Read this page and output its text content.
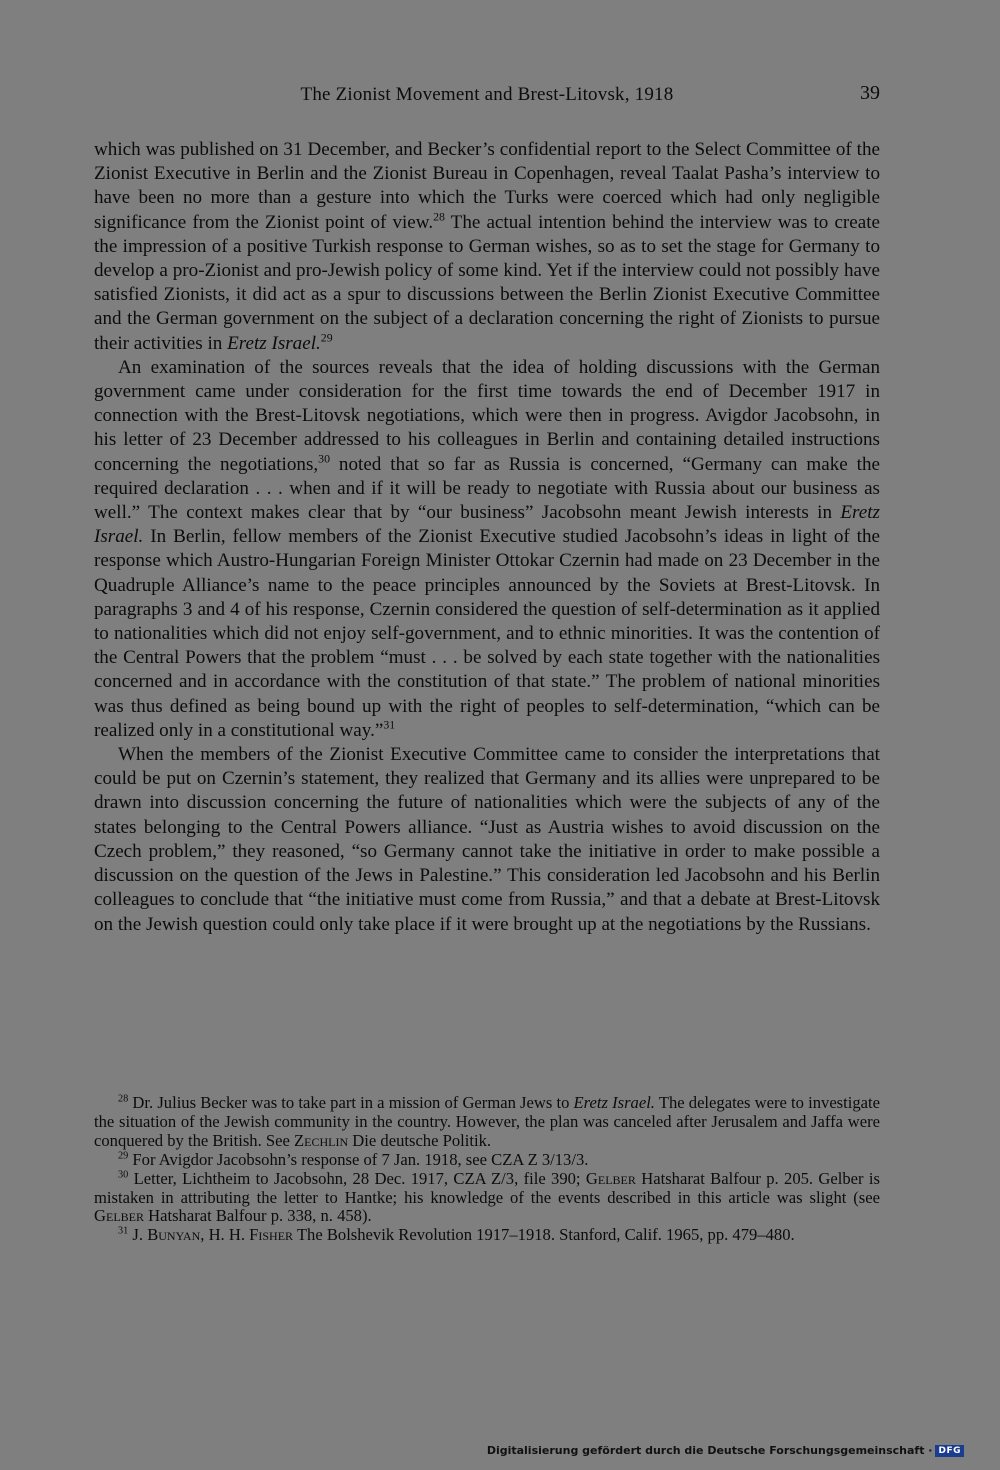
The Zionist Movement and Brest-Litovsk, 1918	39

which was published on 31 December, and Becker’s confidential report to the Select Committee of the Zionist Executive in Berlin and the Zionist Bureau in Copenhagen, reveal Taalat Pasha’s interview to have been no more than a gesture into which the Turks were coerced which had only negligible significance from the Zionist point of view.$^{28}$ The actual intention behind the interview was to create the impression of a positive Turkish response to German wishes, so as to set the stage for Germany to develop a pro-Zionist and pro-Jewish policy of some kind. Yet if the interview could not possibly have satisfied Zionists, it did act as a spur to discussions between the Berlin Zionist Executive Committee and the German government on the subject of a declaration concerning the right of Zionists to pursue their activities in Eretz Israel.$^{29}$

An examination of the sources reveals that the idea of holding discussions with the German government came under consideration for the first time towards the end of December 1917 in connection with the Brest-Litovsk negotiations, which were then in progress. Avigdor Jacobsohn, in his letter of 23 December addressed to his colleagues in Berlin and containing detailed instructions concerning the negotiations,$^{30}$ noted that so far as Russia is concerned, “Germany can make the required declaration . . . when and if it will be ready to negotiate with Russia about our business as well.” The context makes clear that by “our business” Jacobsohn meant Jewish interests in Eretz Israel. In Berlin, fellow members of the Zionist Executive studied Jacobsohn’s ideas in light of the response which Austro-Hungarian Foreign Minister Ottokar Czernin had made on 23 December in the Quadruple Alliance’s name to the peace principles announced by the Soviets at Brest-Litovsk. In paragraphs 3 and 4 of his response, Czernin considered the question of self-determination as it applied to nationalities which did not enjoy self-government, and to ethnic minorities. It was the contention of the Central Powers that the problem “must . . . be solved by each state together with the nationalities concerned and in accordance with the constitution of that state.” The problem of national minorities was thus defined as being bound up with the right of peoples to self-determination, “which can be realized only in a constitutional way.”$^{31}$

When the members of the Zionist Executive Committee came to consider the interpretations that could be put on Czernin’s statement, they realized that Germany and its allies were unprepared to be drawn into discussion concerning the future of nationalities which were the subjects of any of the states belonging to the Central Powers alliance. “Just as Austria wishes to avoid discussion on the Czech problem,” they reasoned, “so Germany cannot take the initiative in order to make possible a discussion on the question of the Jews in Palestine.” This consideration led Jacobsohn and his Berlin colleagues to conclude that “the initiative must come from Russia,” and that a debate at Brest-Litovsk on the Jewish question could only take place if it were brought up at the negotiations by the Russians.

$^{28}$ Dr. Julius Becker was to take part in a mission of German Jews to Eretz Israel. The delegates were to investigate the situation of the Jewish community in the country. However, the plan was canceled after Jerusalem and Jaffa were conquered by the British. See Zechlin Die deutsche Politik.

$^{29}$ For Avigdor Jacobsohn’s response of 7 Jan. 1918, see CZA Z 3/13/3.

$^{30}$ Letter, Lichtheim to Jacobsohn, 28 Dec. 1917, CZA Z/3, file 390; Gelber Hatsharat Balfour p. 205. Gelber is mistaken in attributing the letter to Hantke; his knowledge of the events described in this article was slight (see Gelber Hatsharat Balfour p. 338, n. 458).

$^{31}$ J. Bunyan, H. H. Fisher The Bolshevik Revolution 1917–1918. Stanford, Calif. 1965, pp. 479–480.

Digitalisierung gefördert durch die Deutsche Forschungsgemeinschaft · DFG
